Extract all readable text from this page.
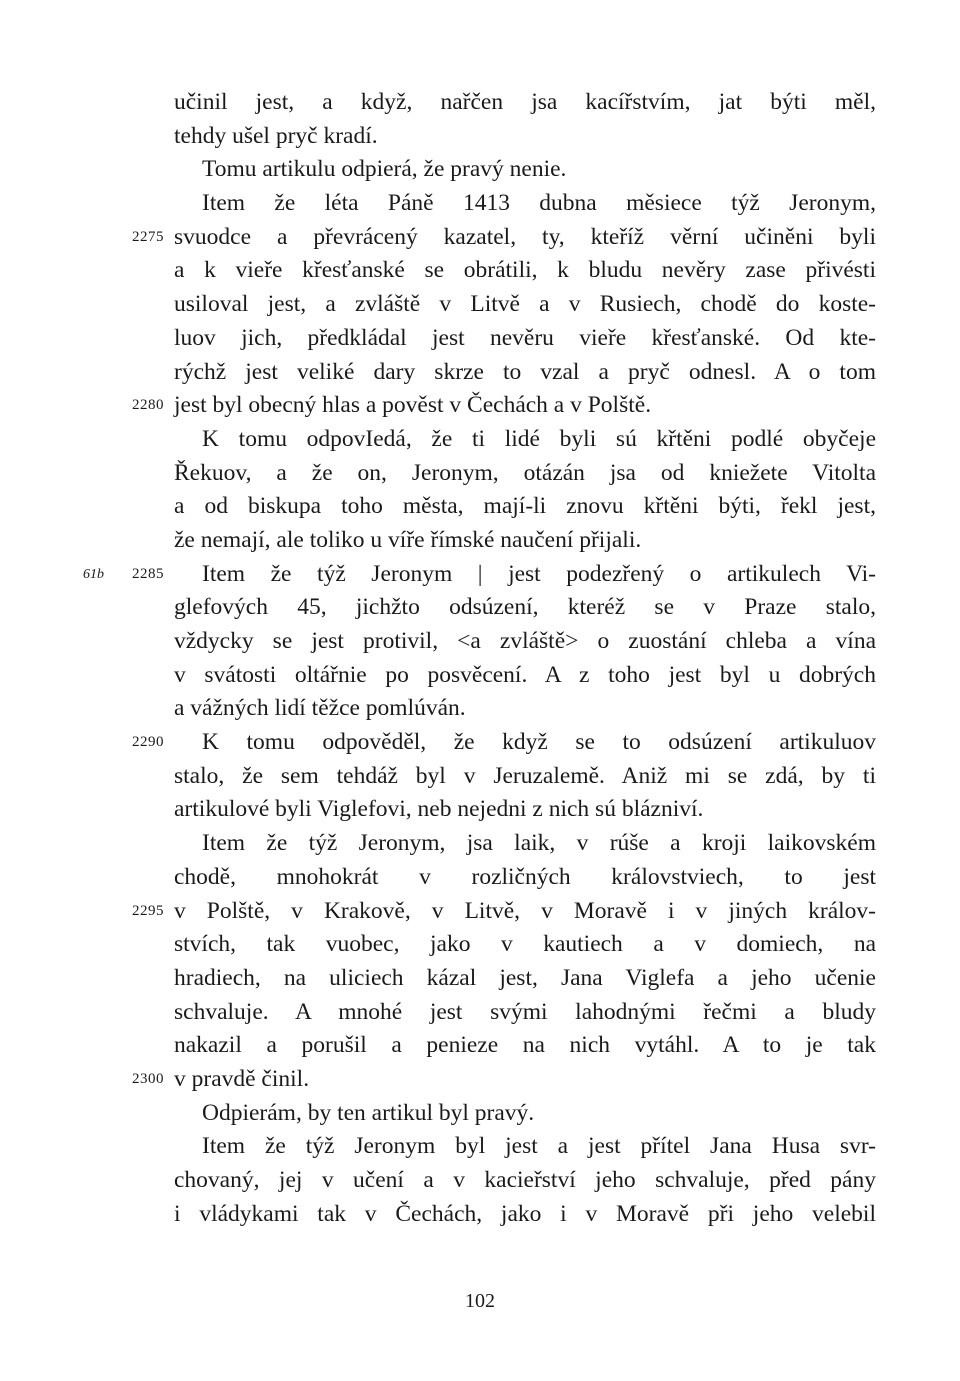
učinil jest, a když, nařčen jsa kacířstvím, jat býti měl,
tehdy ušel pryč kradí.
Tomu artikulu odpierá, že pravý nenie.
Item že léta Páně 1413 dubna měsiece týž Jeronym,
svuodce a převrácený kazatel, ty, kteříž věrní učiněni byli
2275
a k vieře křesťanské se obrátili, k bludu nevěry zase přivésti
usiloval jest, a zvláště v Litvě a v Rusiech, chodě do koste-
luov jich, předkládal jest nevěru vieře křesťanské. Od kte-
rýchž jest veliké dary skrze to vzal a pryč odnesl. A o tom
jest byl obecný hlas a pověst v Čechách a v Polště.
2280
K tomu odpovIedá, že ti lidé byli sú křtěni podlé obyčeje
Řekuov, a že on, Jeronym, otázán jsa od kniežete Vitolta
a od biskupa toho města, mají-li znovu křtěni býti, řekl jest,
že nemají, ale toliko u víře římské naučení přijali.
Item že týž Jeronym | jest podezřený o artikulech Vi-
2285
61b
glefových 45, jichžto odsúzení, kteréž se v Praze stalo,
vždycky se jest protivil, <a zvláště> o zuostání chleba a vína
v svátosti oltářnie po posvěcení. A z toho jest byl u dobrých
a vážných lidí těžce pomlúván.
K tomu odpověděl, že když se to odsúzení artikuluov
2290
stalo, že sem tehdáž byl v Jeruzalemě. Aniž mi se zdá, by ti
artikulové byli Viglefovi, neb nejedni z nich sú blázniví.
Item že týž Jeronym, jsa laik, v rúše a kroji laikovském
chodě, mnohokrát v rozličných královstviech, to jest
v Polště, v Krakově, v Litvě, v Moravě i v jiných králov-
2295
stvích, tak vuobec, jako v kautiech a v domiech, na
hradiech, na uliciech kázal jest, Jana Viglefa a jeho učenie
schvaluje. A mnohé jest svými lahodnými řečmi a bludy
nakazil a porušil a penieze na nich vytáhl. A to je tak
v pravdě činil.
2300
Odpierám, by ten artikul byl pravý.
Item že týž Jeronym byl jest a jest přítel Jana Husa svr-
chovaný, jej v učení a v kacieřství jeho schvaluje, před pány
i vládykami tak v Čechách, jako i v Moravě při jeho velebil
102
